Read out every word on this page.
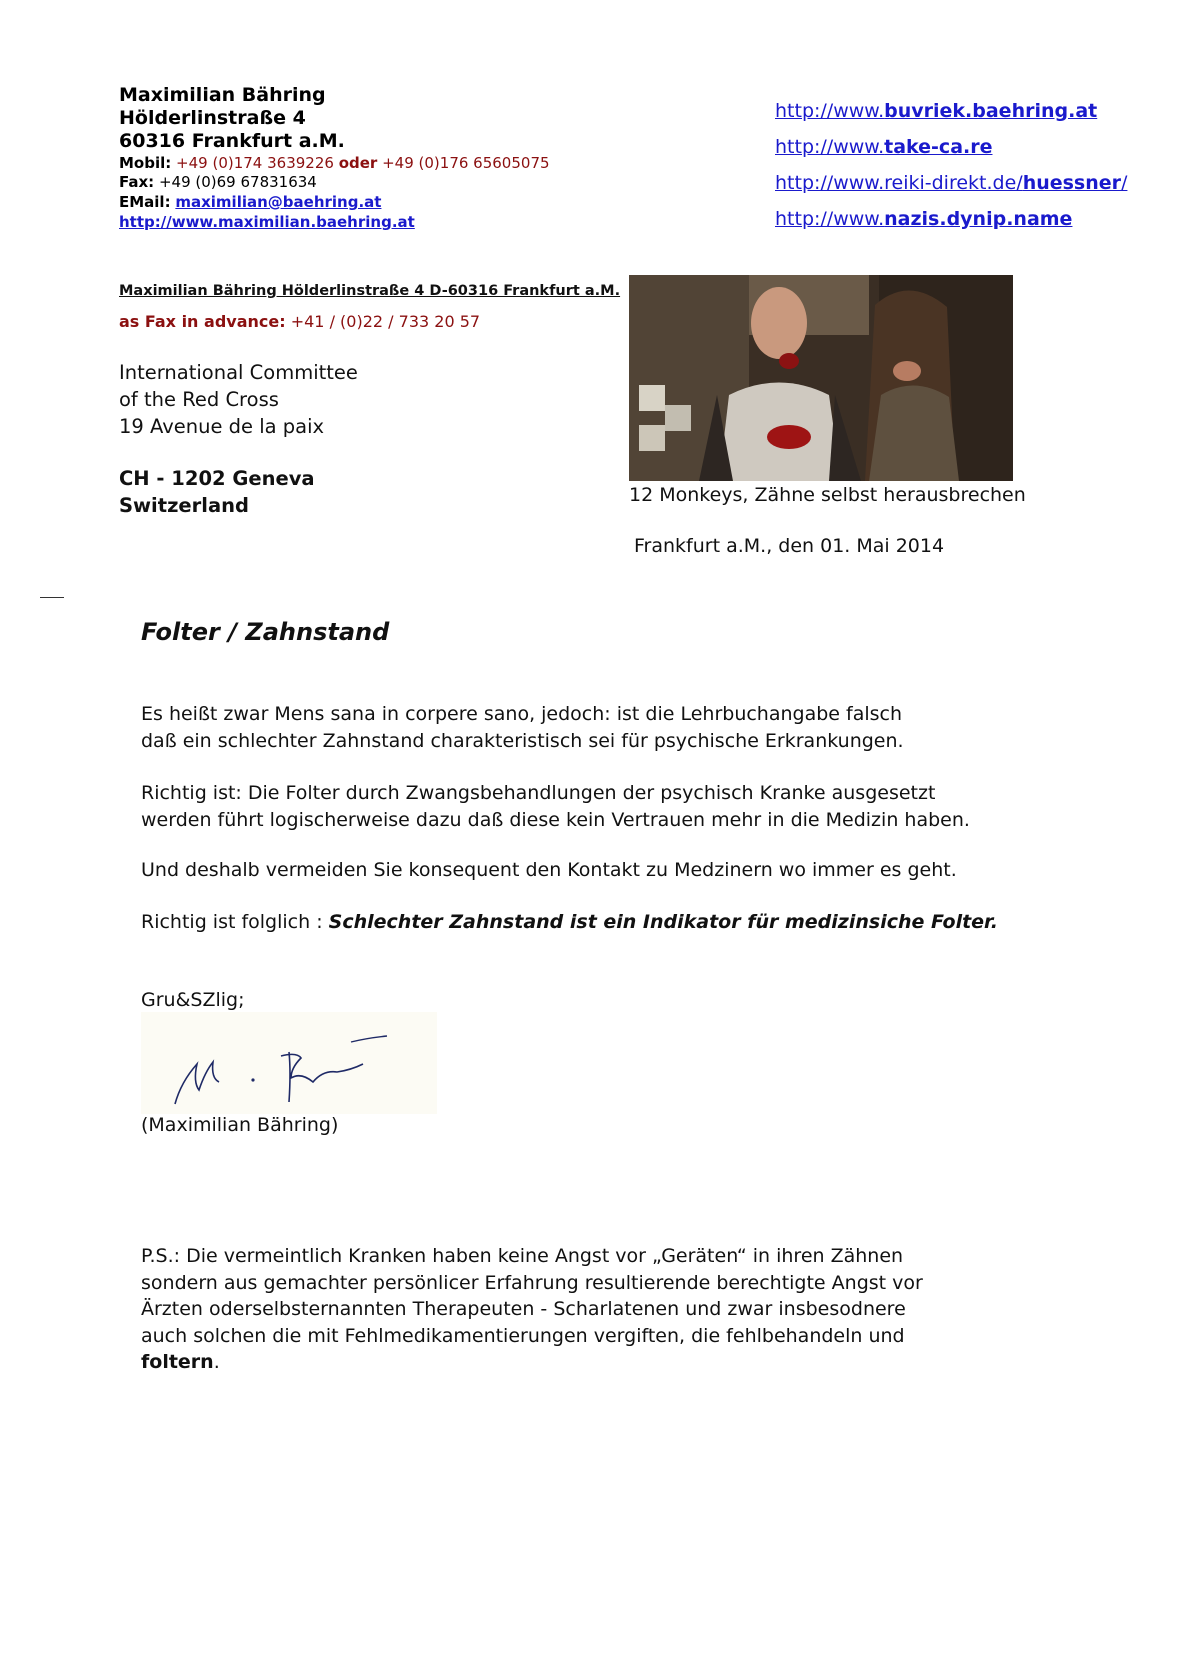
Maximilian Bähring
Hölderlinstraße 4
60316 Frankfurt a.M.
Mobil: +49 (0)174 3639226 oder +49 (0)176 65605075
Fax: +49 (0)69 67831634
EMail: maximilian@baehring.at
http://www.maximilian.baehring.at
http://www.buvriek.baehring.at
http://www.take-ca.re
http://www.reiki-direkt.de/huessner/
http://www.nazis.dynip.name
Maximilian Bähring Hölderlinstraße 4 D-60316 Frankfurt a.M.
as Fax in advance: +41 / (0)22 / 733 20 57
International Committee
of the Red Cross
19 Avenue de la paix
CH - 1202 Geneva
Switzerland	12 Monkeys, Zähne selbst herausbrechen
Frankfurt a.M., den 01. Mai 2014
Folter / Zahnstand
Es heißt zwar Mens sana in corpere sano, jedoch: ist die Lehrbuchangabe falsch
daß ein schlechter Zahnstand charakteristisch sei für psychische Erkrankungen.
Richtig ist: Die Folter durch Zwangsbehandlungen der psychisch Kranke ausgesetzt
werden führt logischerweise dazu daß diese kein Vertrauen mehr in die Medizin haben.
Und deshalb vermeiden Sie konsequent den Kontakt zu Medzinern wo immer es geht.
Richtig ist folglich : Schlechter Zahnstand ist ein Indikator für medizinsiche Folter.
Gru&SZlig;
(Maximilian Bähring)
P.S.: Die vermeintlich Kranken haben keine Angst vor „Geräten“ in ihren Zähnen
sondern aus gemachter persönlicer Erfahrung resultierende berechtigte Angst vor
Ärzten oderselbsternannten Therapeuten - Scharlatenen und zwar insbesodnere
auch solchen die mit Fehlmedikamentierungen vergiften, die fehlbehandeln und
foltern.
